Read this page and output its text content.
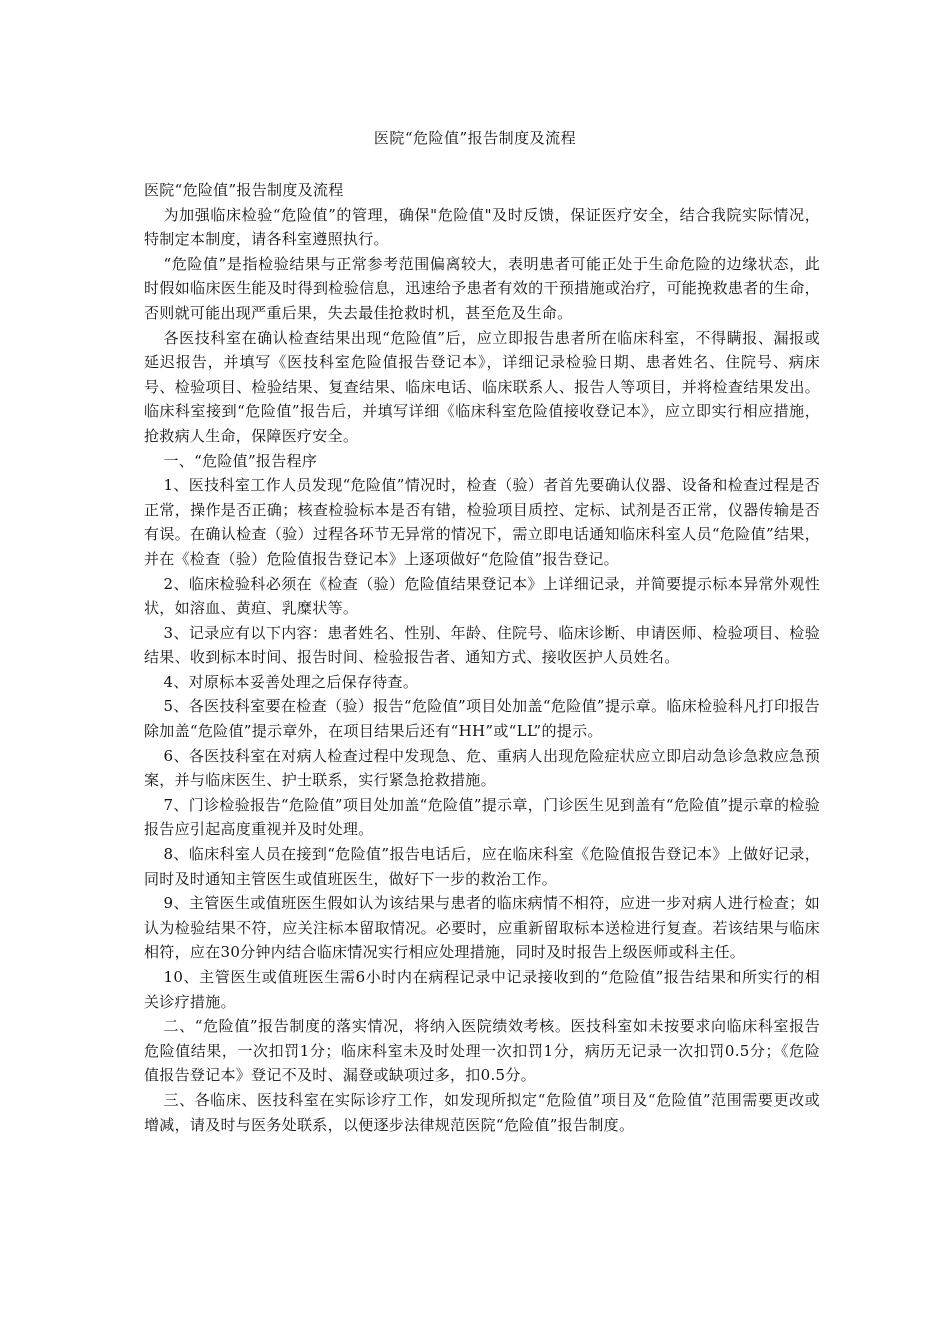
医院“危险值”报告制度及流程

医院“危险值”报告制度及流程

为加强临床检验“危险值”的管理，确保"危险值"及时反馈，保证医疗安全，结合我院实际情况，特制定本制度，请各科室遵照执行。

“危险值”是指检验结果与正常参考范围偏离较大，表明患者可能正处于生命危险的边缘状态，此时假如临床医生能及时得到检验信息，迅速给予患者有效的干预措施或治疗，可能挽救患者的生命，否则就可能出现严重后果，失去最佳抢救时机，甚至危及生命。

各医技科室在确认检查结果出现“危险值”后，应立即报告患者所在临床科室，不得瞒报、漏报或延迟报告，并填写《医技科室危险值报告登记本》，详细记录检验日期、患者姓名、住院号、病床号、检验项目、检验结果、复查结果、临床电话、临床联系人、报告人等项目，并将检查结果发出。临床科室接到“危险值”报告后，并填写详细《临床科室危险值接收登记本》，应立即实行相应措施，抢救病人生命，保障医疗安全。

一、“危险值”报告程序

1、医技科室工作人员发现“危险值”情况时，检查（验）者首先要确认仪器、设备和检查过程是否正常，操作是否正确；核查检验标本是否有错，检验项目质控、定标、试剂是否正常，仪器传输是否有误。在确认检查（验）过程各环节无异常的情况下，需立即电话通知临床科室人员“危险值”结果，并在《检查（验）危险值报告登记本》上逐项做好“危险值”报告登记。

2、临床检验科必须在《检查（验）危险值结果登记本》上详细记录，并简要提示标本异常外观性状，如溶血、黄疸、乳糜状等。

3、记录应有以下内容：患者姓名、性别、年龄、住院号、临床诊断、申请医师、检验项目、检验结果、收到标本时间、报告时间、检验报告者、通知方式、接收医护人员姓名。

4、对原标本妥善处理之后保存待查。

5、各医技科室要在检查（验）报告“危险值”项目处加盖“危险值”提示章。临床检验科凡打印报告除加盖“危险值”提示章外，在项目结果后还有“HH”或“LL”的提示。

6、各医技科室在对病人检查过程中发现急、危、重病人出现危险症状应立即启动急诊急救应急预案，并与临床医生、护士联系，实行紧急抢救措施。

7、门诊检验报告“危险值”项目处加盖“危险值”提示章，门诊医生见到盖有“危险值”提示章的检验报告应引起高度重视并及时处理。

8、临床科室人员在接到“危险值”报告电话后，应在临床科室《危险值报告登记本》上做好记录，同时及时通知主管医生或值班医生，做好下一步的救治工作。

9、主管医生或值班医生假如认为该结果与患者的临床病情不相符，应进一步对病人进行检查；如认为检验结果不符，应关注标本留取情况。必要时，应重新留取标本送检进行复查。若该结果与临床相符，应在30分钟内结合临床情况实行相应处理措施，同时及时报告上级医师或科主任。

10、主管医生或值班医生需6小时内在病程记录中记录接收到的“危险值”报告结果和所实行的相关诊疗措施。

二、“危险值”报告制度的落实情况，将纳入医院绩效考核。医技科室如未按要求向临床科室报告危险值结果，一次扣罚1分；临床科室未及时处理一次扣罚1分，病历无记录一次扣罚0.5分；《危险值报告登记本》登记不及时、漏登或缺项过多，扣0.5分。

三、各临床、医技科室在实际诊疗工作，如发现所拟定“危险值”项目及“危险值”范围需要更改或增减，请及时与医务处联系，以便逐步法律规范医院“危险值”报告制度。
